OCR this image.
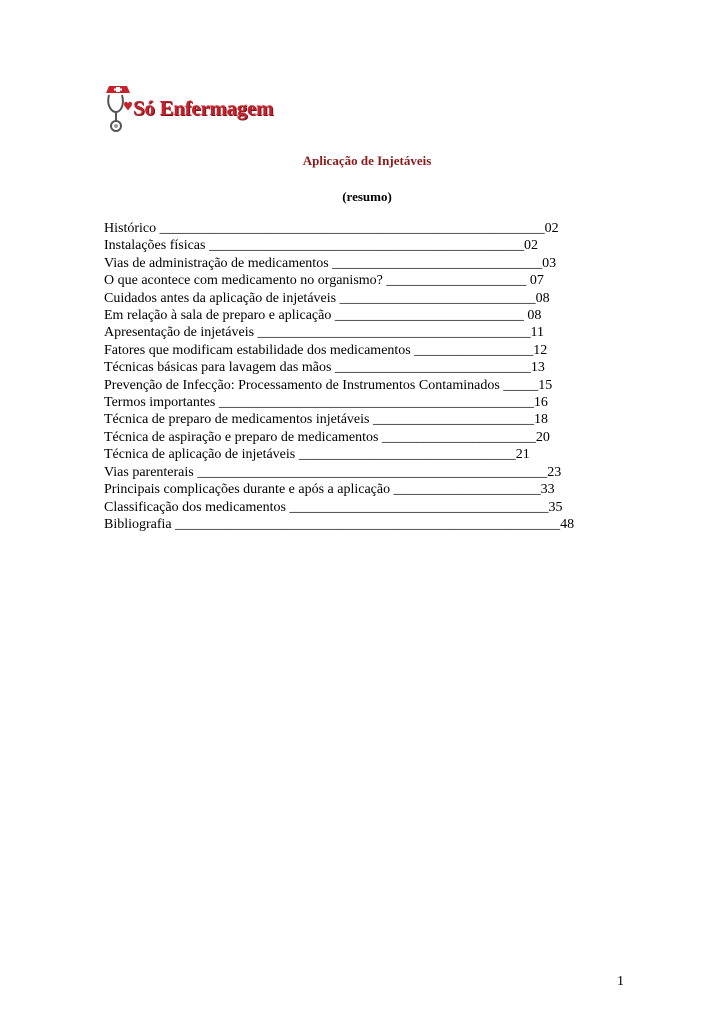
Só Enfermagem
Aplicação de Injetáveis
(resumo)
Histórico _______________________________________________________02
Instalações físicas _____________________________________________02
Vias de administração de medicamentos ______________________________03
O que acontece com medicamento no organismo? ____________________ 07
Cuidados antes da aplicação de injetáveis ____________________________08
Em relação à sala de preparo e aplicação ___________________________ 08
Apresentação de injetáveis _______________________________________11
Fatores que modificam estabilidade dos medicamentos _________________12
Técnicas básicas para lavagem das mãos ____________________________13
Prevenção de Infecção: Processamento de Instrumentos Contaminados _____15
Termos importantes _____________________________________________16
Técnica de preparo de medicamentos injetáveis _______________________18
Técnica de aspiração e preparo de medicamentos ______________________20
Técnica de aplicação de injetáveis _______________________________21
Vias parenterais __________________________________________________23
Principais complicações durante e após a aplicação _____________________33
Classificação dos medicamentos _____________________________________35
Bibliografia _______________________________________________________48
1
